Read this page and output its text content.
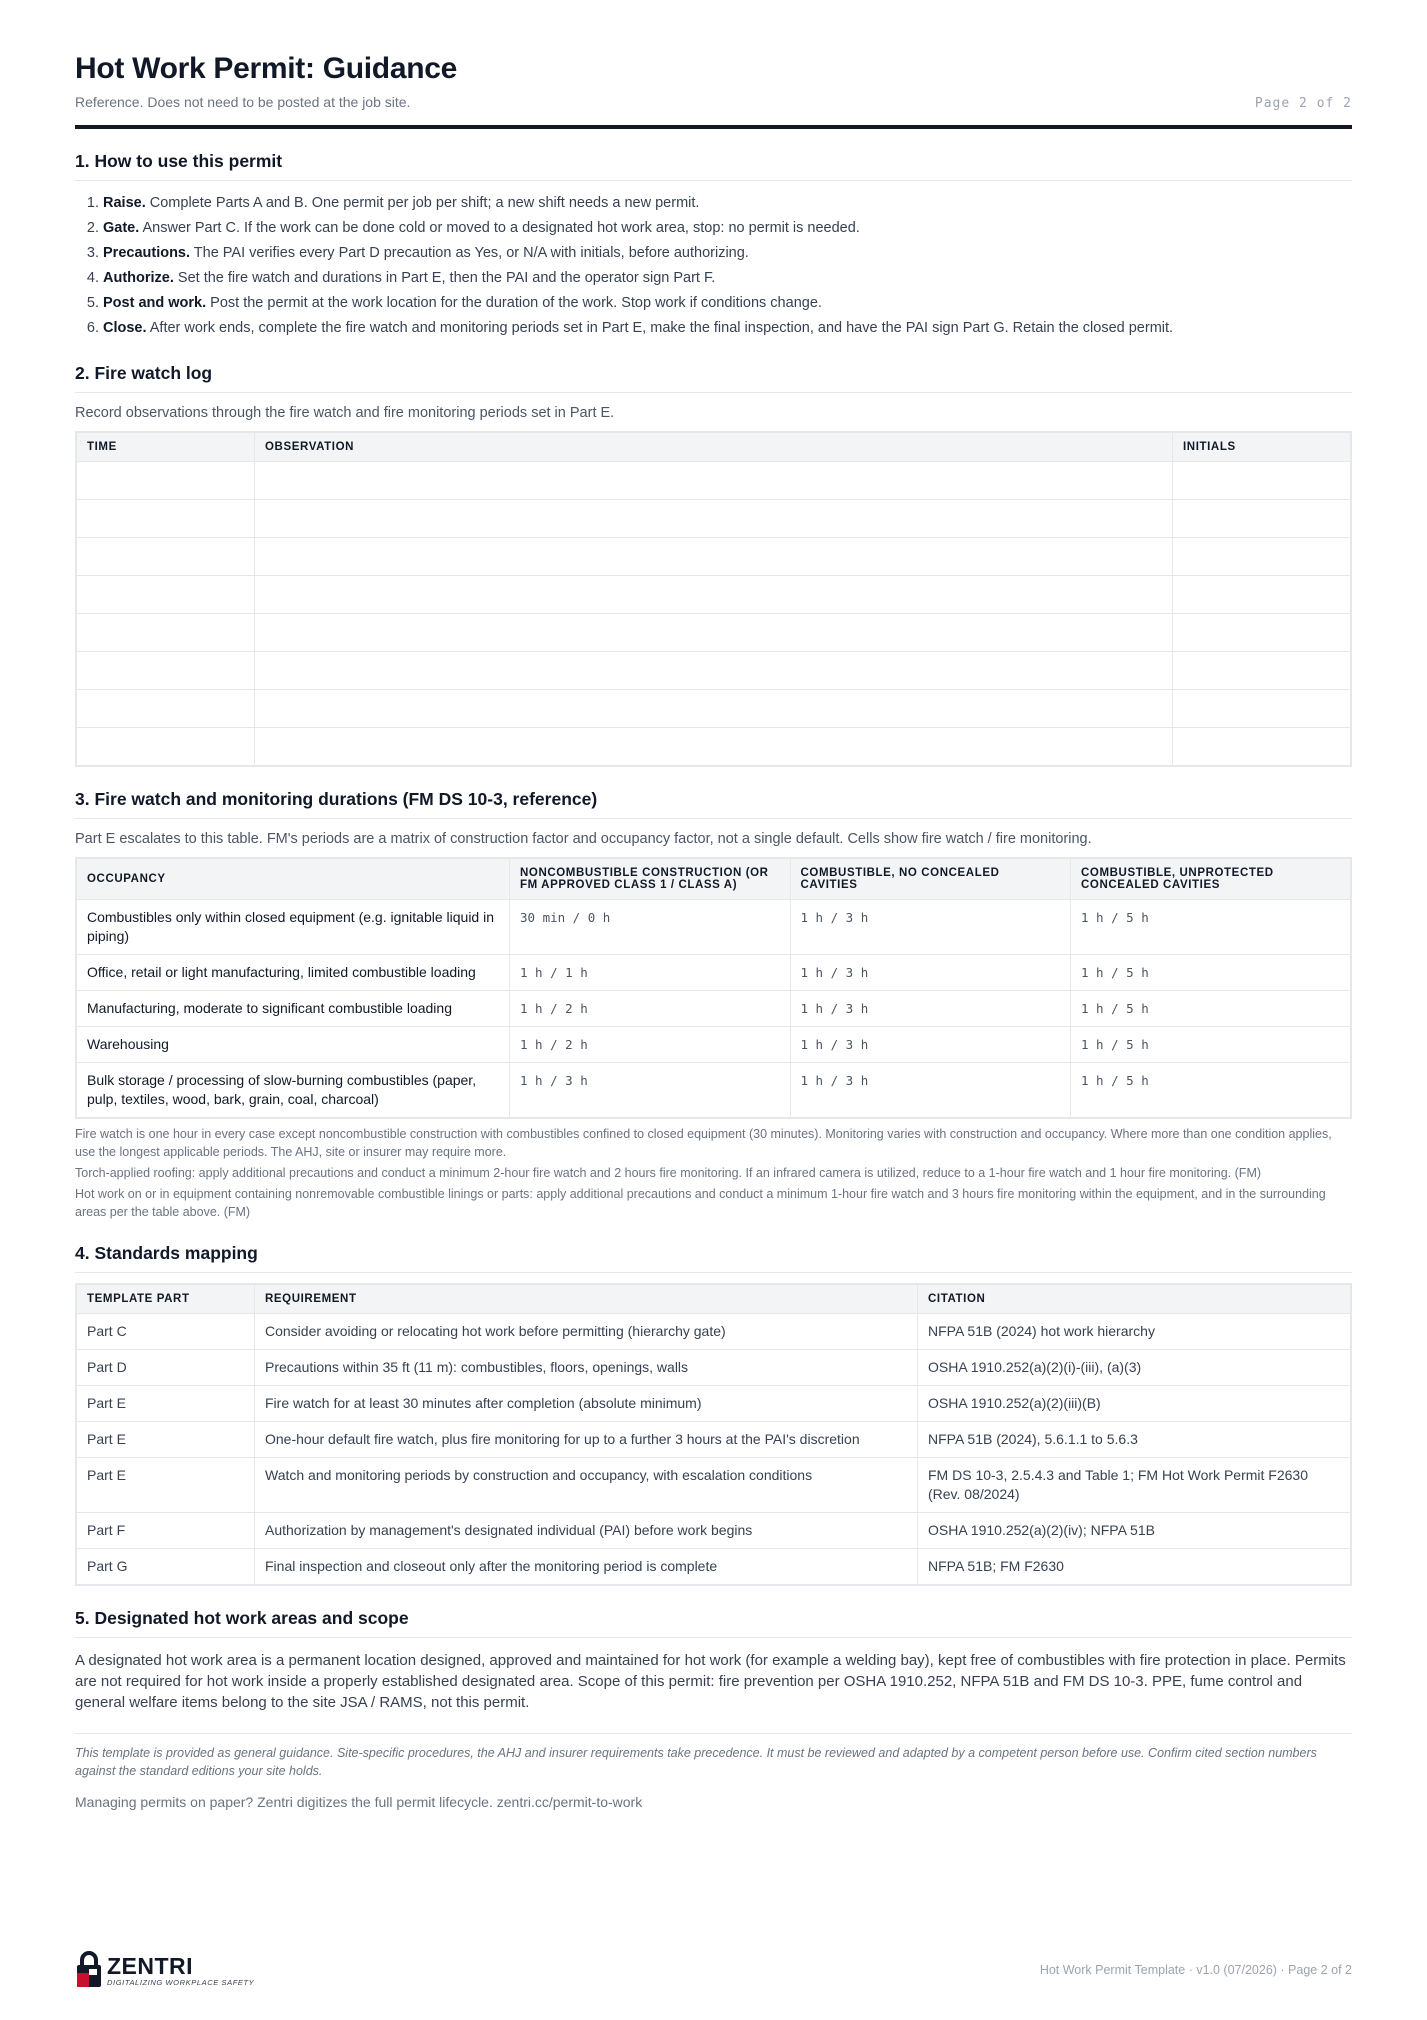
Hot Work Permit: Guidance
Reference. Does not need to be posted at the job site.	Page 2 of 2
1. How to use this permit
1. Raise. Complete Parts A and B. One permit per job per shift; a new shift needs a new permit.
2. Gate. Answer Part C. If the work can be done cold or moved to a designated hot work area, stop: no permit is needed.
3. Precautions. The PAI verifies every Part D precaution as Yes, or N/A with initials, before authorizing.
4. Authorize. Set the fire watch and durations in Part E, then the PAI and the operator sign Part F.
5. Post and work. Post the permit at the work location for the duration of the work. Stop work if conditions change.
6. Close. After work ends, complete the fire watch and monitoring periods set in Part E, make the final inspection, and have the PAI sign Part G. Retain the closed permit.
2. Fire watch log

Record observations through the fire watch and fire monitoring periods set in Part E.

TIME	OBSERVATION	INITIALS

3. Fire watch and monitoring durations (FM DS 10-3, reference)

Part E escalates to this table. FM's periods are a matrix of construction factor and occupancy factor, not a single default. Cells show fire watch / fire monitoring.

OCCUPANCY	NONCOMBUSTIBLE CONSTRUCTION (OR FM APPROVED CLASS 1 / CLASS A)	COMBUSTIBLE, NO CONCEALED CAVITIES	COMBUSTIBLE, UNPROTECTED CONCEALED CAVITIES
Combustibles only within closed equipment (e.g. ignitable liquid in piping)	30 min / 0 h	1 h / 3 h	1 h / 5 h
Office, retail or light manufacturing, limited combustible loading	1 h / 1 h	1 h / 3 h	1 h / 5 h
Manufacturing, moderate to significant combustible loading	1 h / 2 h	1 h / 3 h	1 h / 5 h
Warehousing	1 h / 2 h	1 h / 3 h	1 h / 5 h
Bulk storage / processing of slow-burning combustibles (paper, pulp, textiles, wood, bark, grain, coal, charcoal)	1 h / 3 h	1 h / 3 h	1 h / 5 h
Fire watch is one hour in every case except noncombustible construction with combustibles confined to closed equipment (30 minutes). Monitoring varies with construction and occupancy. Where more than one condition applies, use the longest applicable periods. The AHJ, site or insurer may require more.
Torch-applied roofing: apply additional precautions and conduct a minimum 2-hour fire watch and 2 hours fire monitoring. If an infrared camera is utilized, reduce to a 1-hour fire watch and 1 hour fire monitoring. (FM)
Hot work on or in equipment containing nonremovable combustible linings or parts: apply additional precautions and conduct a minimum 1-hour fire watch and 3 hours fire monitoring within the equipment, and in the surrounding areas per the table above. (FM)
4. Standards mapping
TEMPLATE PART	REQUIREMENT	CITATION
Part C	Consider avoiding or relocating hot work before permitting (hierarchy gate)	NFPA 51B (2024) hot work hierarchy
Part D	Precautions within 35 ft (11 m): combustibles, floors, openings, walls	OSHA 1910.252(a)(2)(i)-(iii), (a)(3)
Part E	Fire watch for at least 30 minutes after completion (absolute minimum)	OSHA 1910.252(a)(2)(iii)(B)
Part E	One-hour default fire watch, plus fire monitoring for up to a further 3 hours at the PAI's discretion	NFPA 51B (2024), 5.6.1.1 to 5.6.3
Part E	Watch and monitoring periods by construction and occupancy, with escalation conditions	FM DS 10-3, 2.5.4.3 and Table 1; FM Hot Work Permit F2630 (Rev. 08/2024)
Part F	Authorization by management's designated individual (PAI) before work begins	OSHA 1910.252(a)(2)(iv); NFPA 51B
Part G	Final inspection and closeout only after the monitoring period is complete	NFPA 51B; FM F2630
5. Designated hot work areas and scope

A designated hot work area is a permanent location designed, approved and maintained for hot work (for example a welding bay), kept free of combustibles with fire protection in place. Permits are not required for hot work inside a properly established designated area. Scope of this permit: fire prevention per OSHA 1910.252, NFPA 51B and FM DS 10-3. PPE, fume control and general welfare items belong to the site JSA / RAMS, not this permit.

This template is provided as general guidance. Site-specific procedures, the AHJ and insurer requirements take precedence. It must be reviewed and adapted by a competent person before use. Confirm cited section numbers against the standard editions your site holds.
Managing permits on paper? Zentri digitizes the full permit lifecycle. zentri.cc/permit-to-work
ZENTRI
DIGITALIZING WORKPLACE SAFETY
Hot Work Permit Template · v1.0 (07/2026) · Page 2 of 2
